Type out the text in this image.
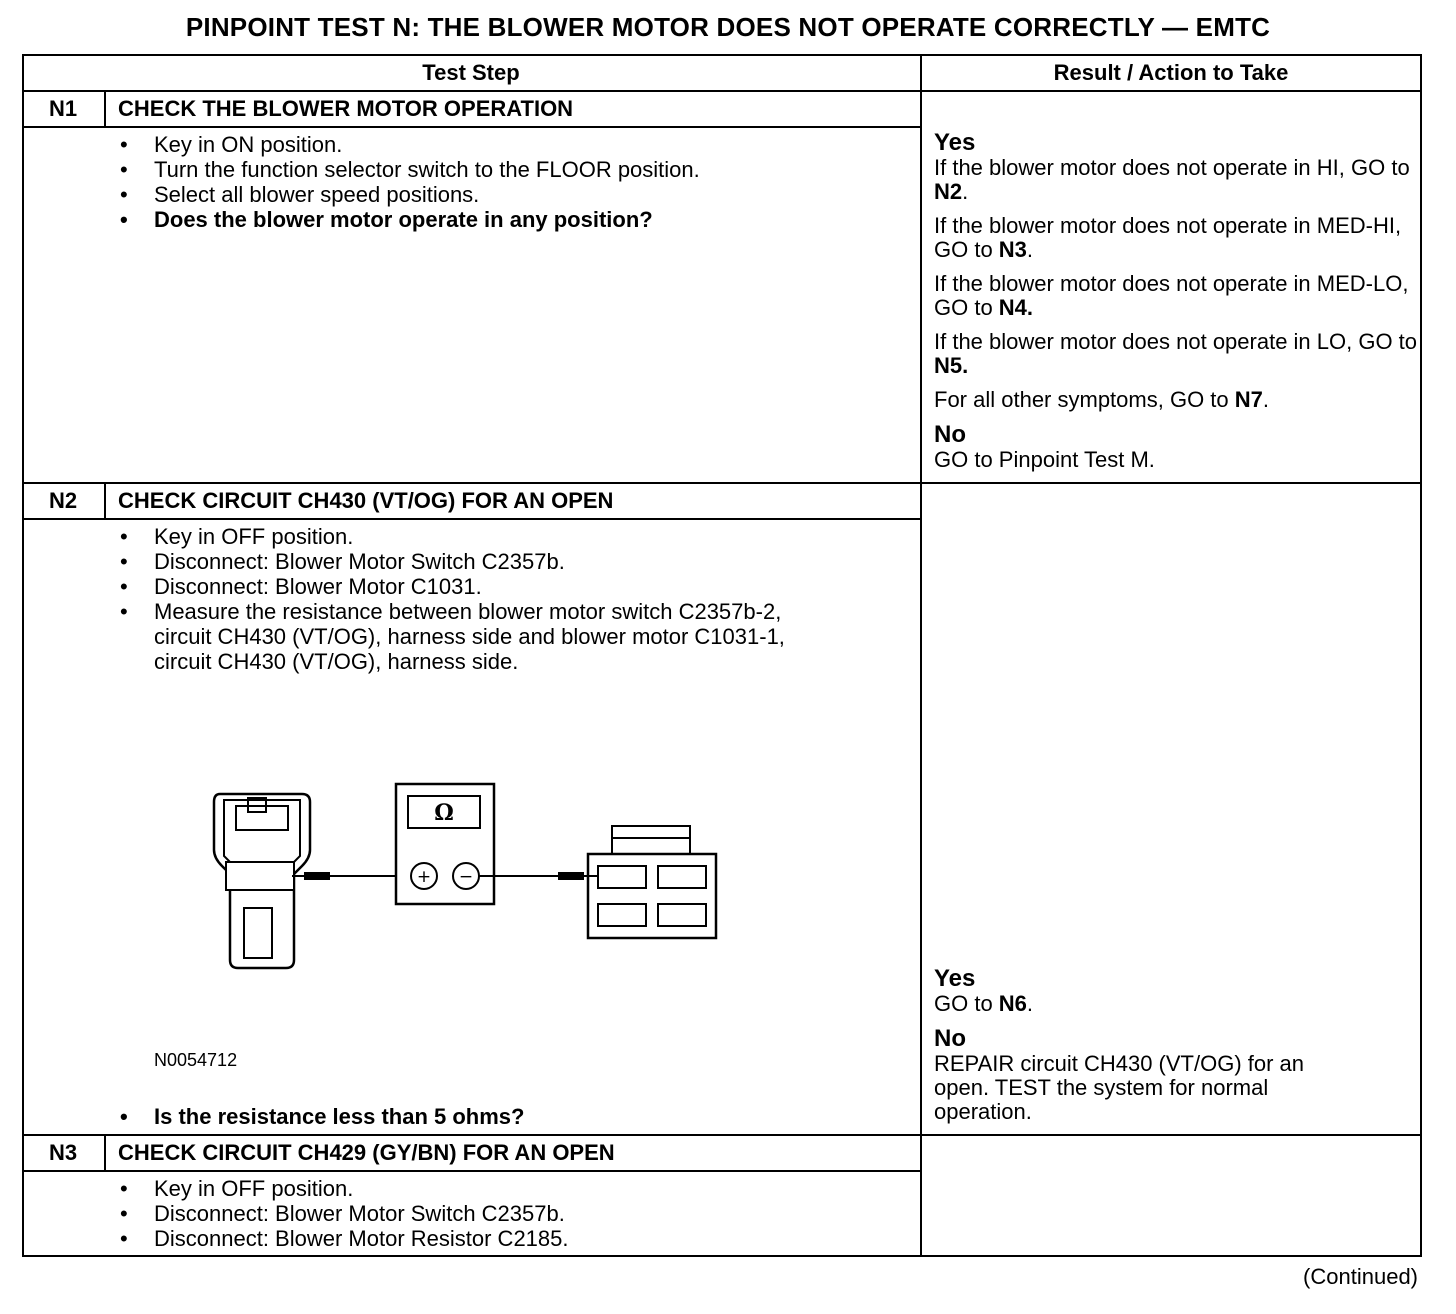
PINPOINT TEST N: THE BLOWER MOTOR DOES NOT OPERATE CORRECTLY — EMTC
Test Step	Result / Action to Take
N1	CHECK THE BLOWER MOTOR OPERATION
• Key in ON position.
• Turn the function selector switch to the FLOOR position.
• Select all blower speed positions.
• Does the blower motor operate in any position?
Yes

If the blower motor does not operate in HI, GO to N2.

If the blower motor does not operate in MED-HI, GO to N3.

If the blower motor does not operate in MED-LO, GO to N4.

If the blower motor does not operate in LO, GO to N5.

For all other symptoms, GO to N7.

No

GO to Pinpoint Test M.

N2	CHECK CIRCUIT CH430 (VT/OG) FOR AN OPEN
• Key in OFF position.
• Disconnect: Blower Motor Switch C2357b.
• Disconnect: Blower Motor C1031.
• Measure the resistance between blower motor switch C2357b-2,
circuit CH430 (VT/OG), harness side and blower motor C1031-1,
circuit CH430 (VT/OG), harness side.
Ω
+ −
N0054712
• Is the resistance less than 5 ohms?
Yes

GO to N6.

No

REPAIR circuit CH430 (VT/OG) for an

open. TEST the system for normal

operation.

N3	CHECK CIRCUIT CH429 (GY/BN) FOR AN OPEN
• Key in OFF position.
• Disconnect: Blower Motor Switch C2357b.
• Disconnect: Blower Motor Resistor C2185.
(Continued)
